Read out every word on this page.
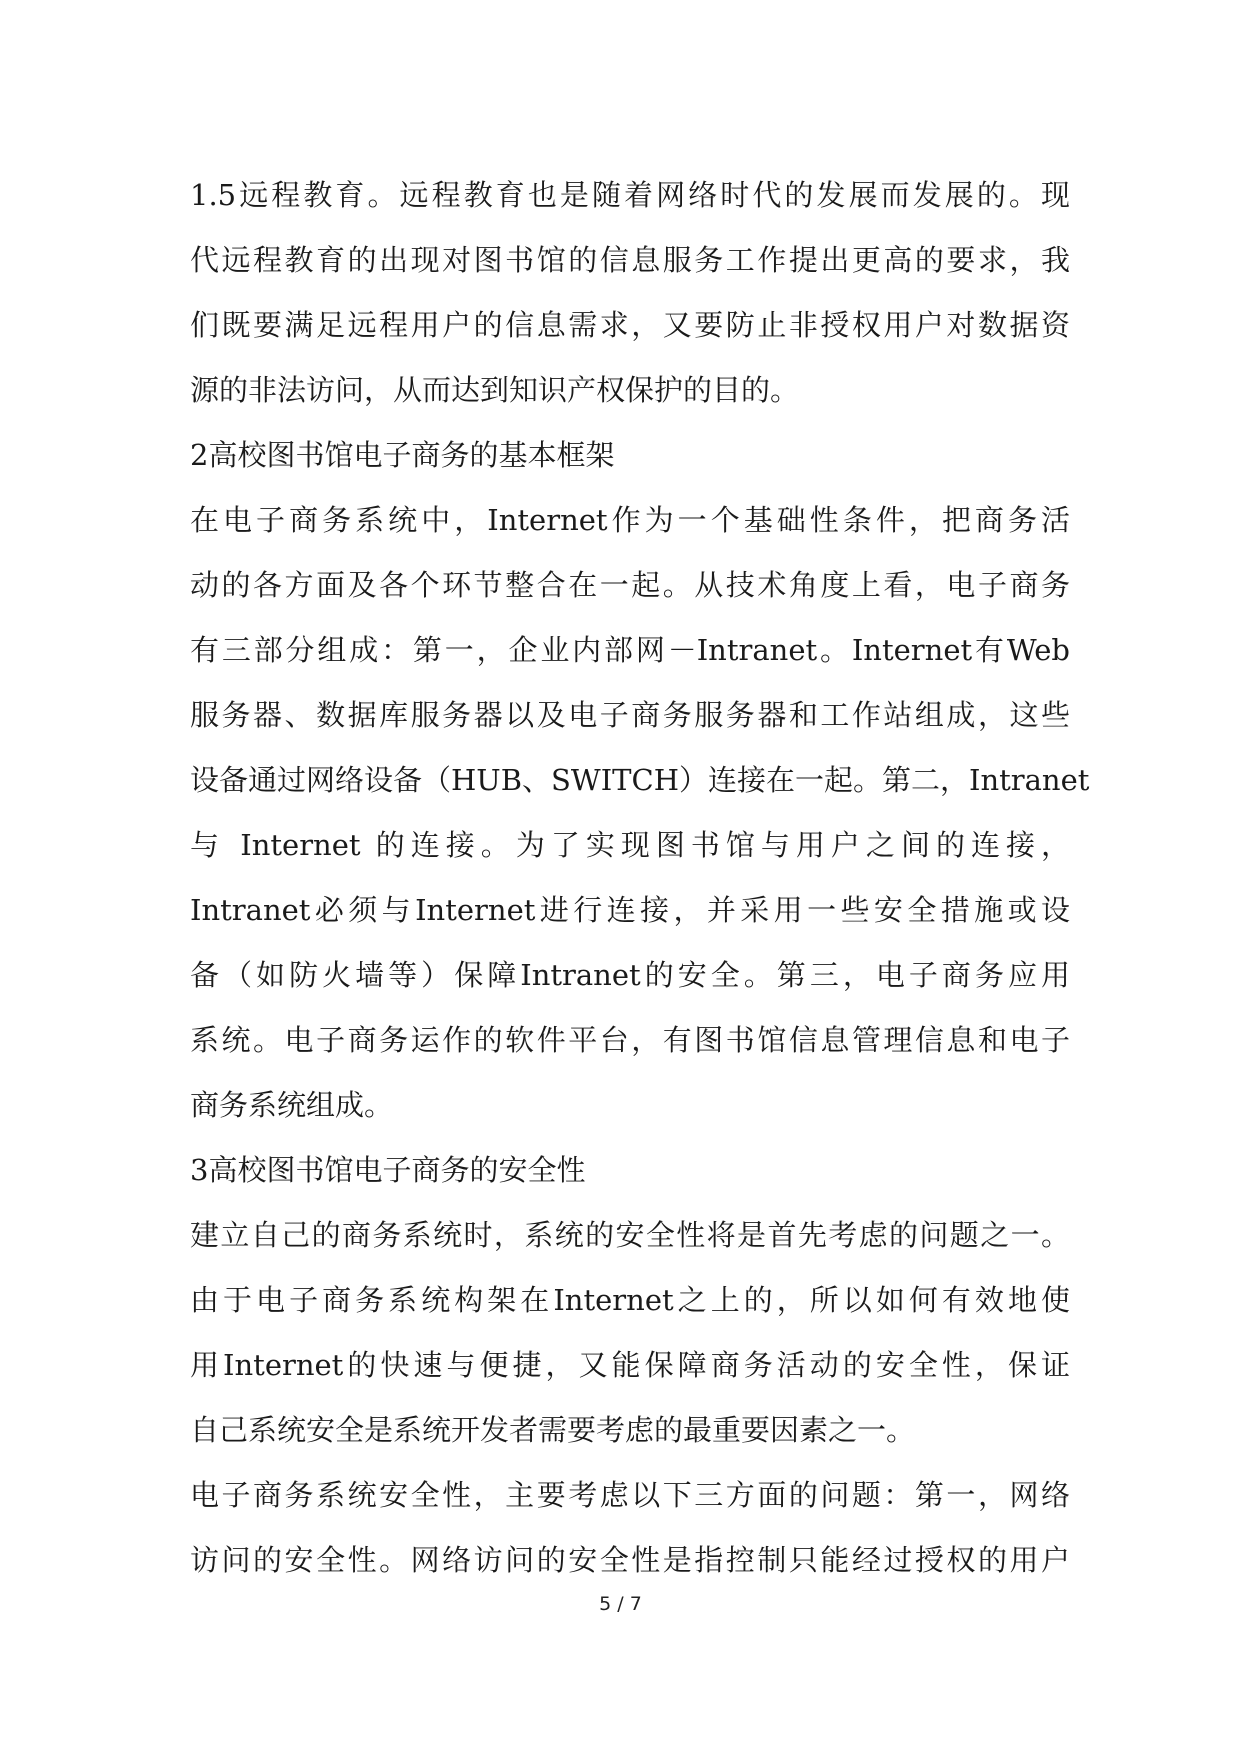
1.5远程教育。远程教育也是随着网络时代的发展而发展的。现
代远程教育的出现对图书馆的信息服务工作提出更高的要求，我
们既要满足远程用户的信息需求，又要防止非授权用户对数据资
源的非法访问，从而达到知识产权保护的目的。
2高校图书馆电子商务的基本框架
在电子商务系统中，Internet作为一个基础性条件，把商务活
动的各方面及各个环节整合在一起。从技术角度上看，电子商务
有三部分组成：第一，企业内部网－Intranet。Internet有Web
服务器、数据库服务器以及电子商务服务器和工作站组成，这些
设备通过网络设备（HUB、SWITCH）连接在一起。第二，Intranet
与 Internet 的连接。为了实现图书馆与用户之间的连接，
Intranet必须与Internet进行连接，并采用一些安全措施或设
备（如防火墙等）保障Intranet的安全。第三，电子商务应用
系统。电子商务运作的软件平台，有图书馆信息管理信息和电子
商务系统组成。
3高校图书馆电子商务的安全性
建立自己的商务系统时，系统的安全性将是首先考虑的问题之一。
由于电子商务系统构架在Internet之上的，所以如何有效地使
用Internet的快速与便捷，又能保障商务活动的安全性，保证
自己系统安全是系统开发者需要考虑的最重要因素之一。
电子商务系统安全性，主要考虑以下三方面的问题：第一，网络
访问的安全性。网络访问的安全性是指控制只能经过授权的用户
5 / 7
